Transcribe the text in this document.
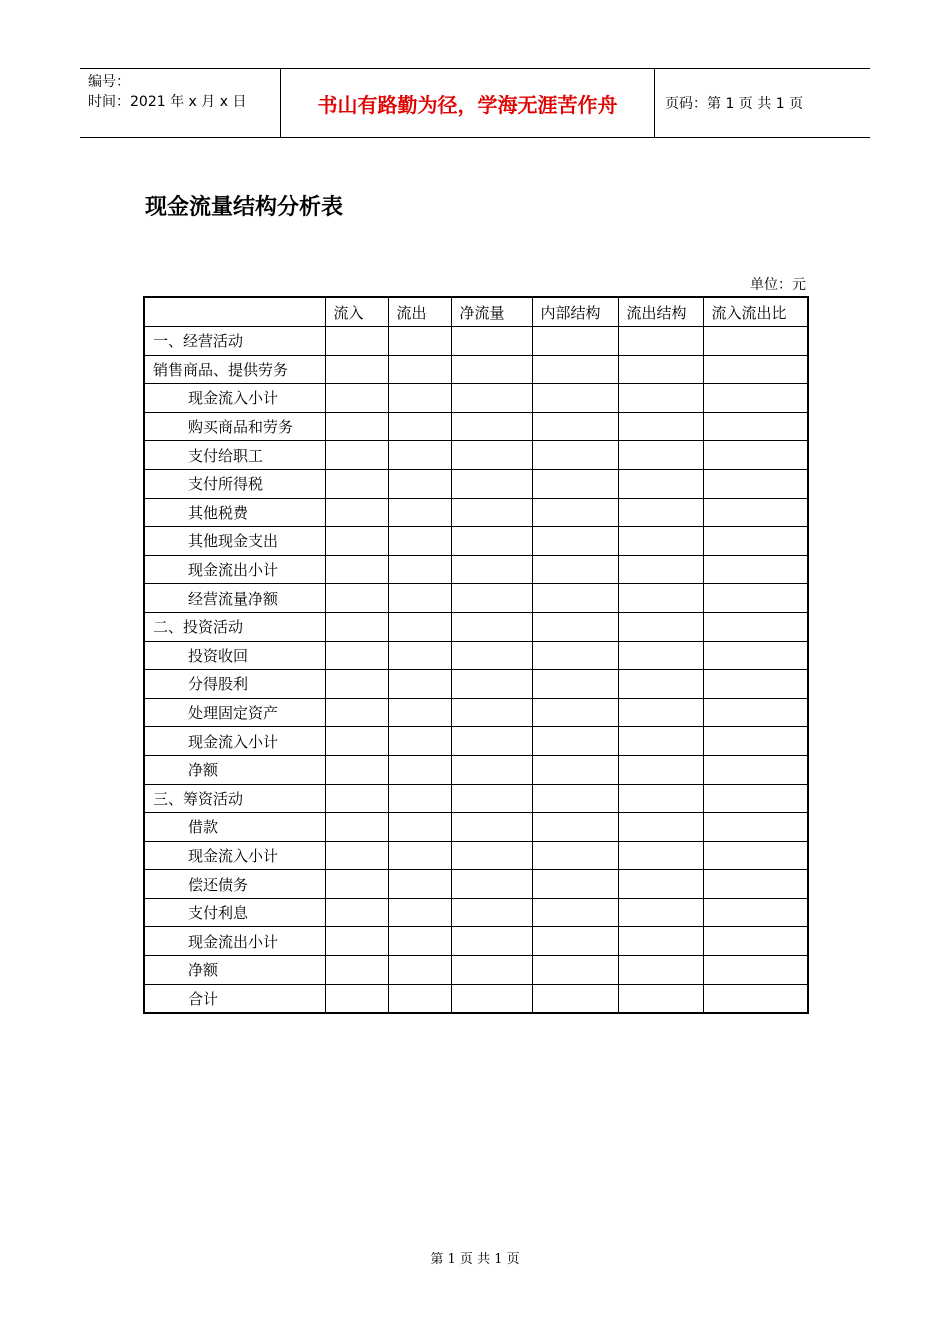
编号：
时间：2021 年 x 月 x 日	书山有路勤为径，学海无涯苦作舟	页码：第 1 页 共 1 页
现金流量结构分析表
单位：元
	流入	流出	净流量	内部结构	流出结构	流入流出比
一、经营活动						
销售商品、提供劳务						
现金流入小计						
购买商品和劳务						
支付给职工						
支付所得税						
其他税费						
其他现金支出						
现金流出小计						
经营流量净额						
二、投资活动						
投资收回						
分得股利						
处理固定资产						
现金流入小计						
净额						
三、筹资活动						
借款						
现金流入小计						
偿还债务						
支付利息						
现金流出小计						
净额						
合计						
第 1 页 共 1 页
